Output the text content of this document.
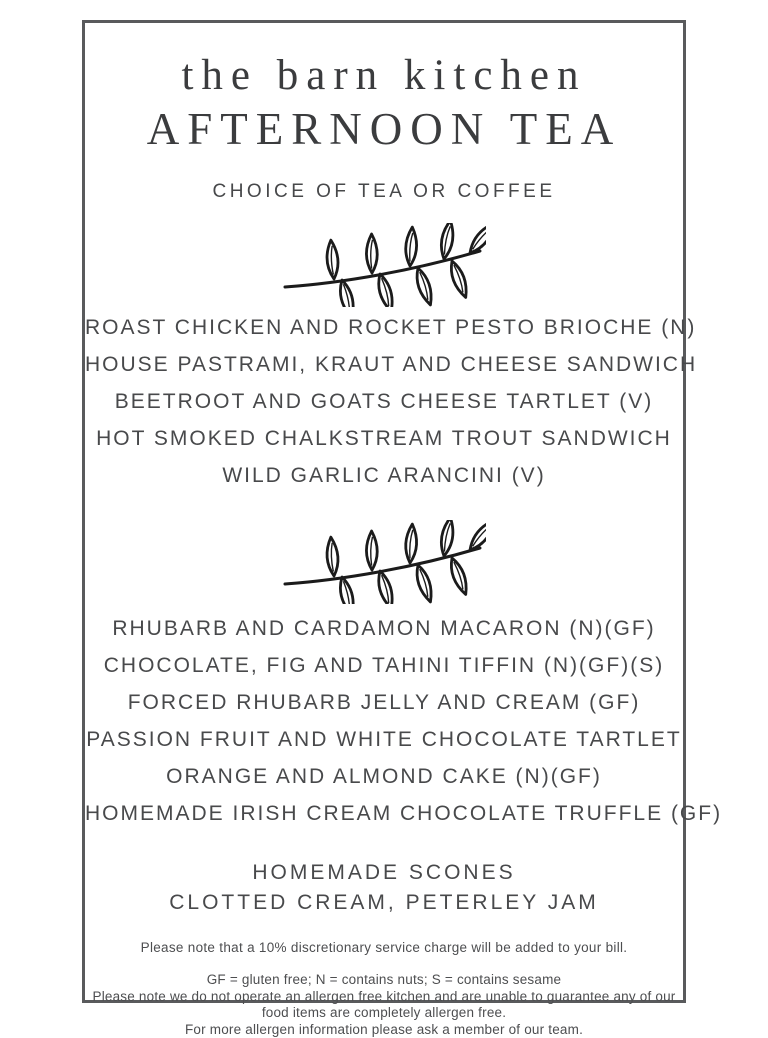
the barn kitchen
AFTERNOON TEA
CHOICE OF TEA OR COFFEE
ROAST CHICKEN AND ROCKET PESTO BRIOCHE (N)
HOUSE PASTRAMI, KRAUT AND CHEESE SANDWICH
BEETROOT AND GOATS CHEESE TARTLET (V)
HOT SMOKED CHALKSTREAM TROUT SANDWICH
WILD GARLIC ARANCINI (V)
RHUBARB AND CARDAMON MACARON (N)(GF)
CHOCOLATE, FIG AND TAHINI TIFFIN (N)(GF)(S)
FORCED RHUBARB JELLY AND CREAM (GF)
PASSION FRUIT AND WHITE CHOCOLATE TARTLET
ORANGE AND ALMOND CAKE (N)(GF)
HOMEMADE IRISH CREAM CHOCOLATE TRUFFLE (GF)
HOMEMADE SCONES
CLOTTED CREAM, PETERLEY JAM
Please note that a 10% discretionary service charge will be added to your bill.

GF = gluten free; N = contains nuts; S = contains sesame

Please note we do not operate an allergen free kitchen and are unable to guarantee any of our food items are completely allergen free.

For more allergen information please ask a member of our team.
